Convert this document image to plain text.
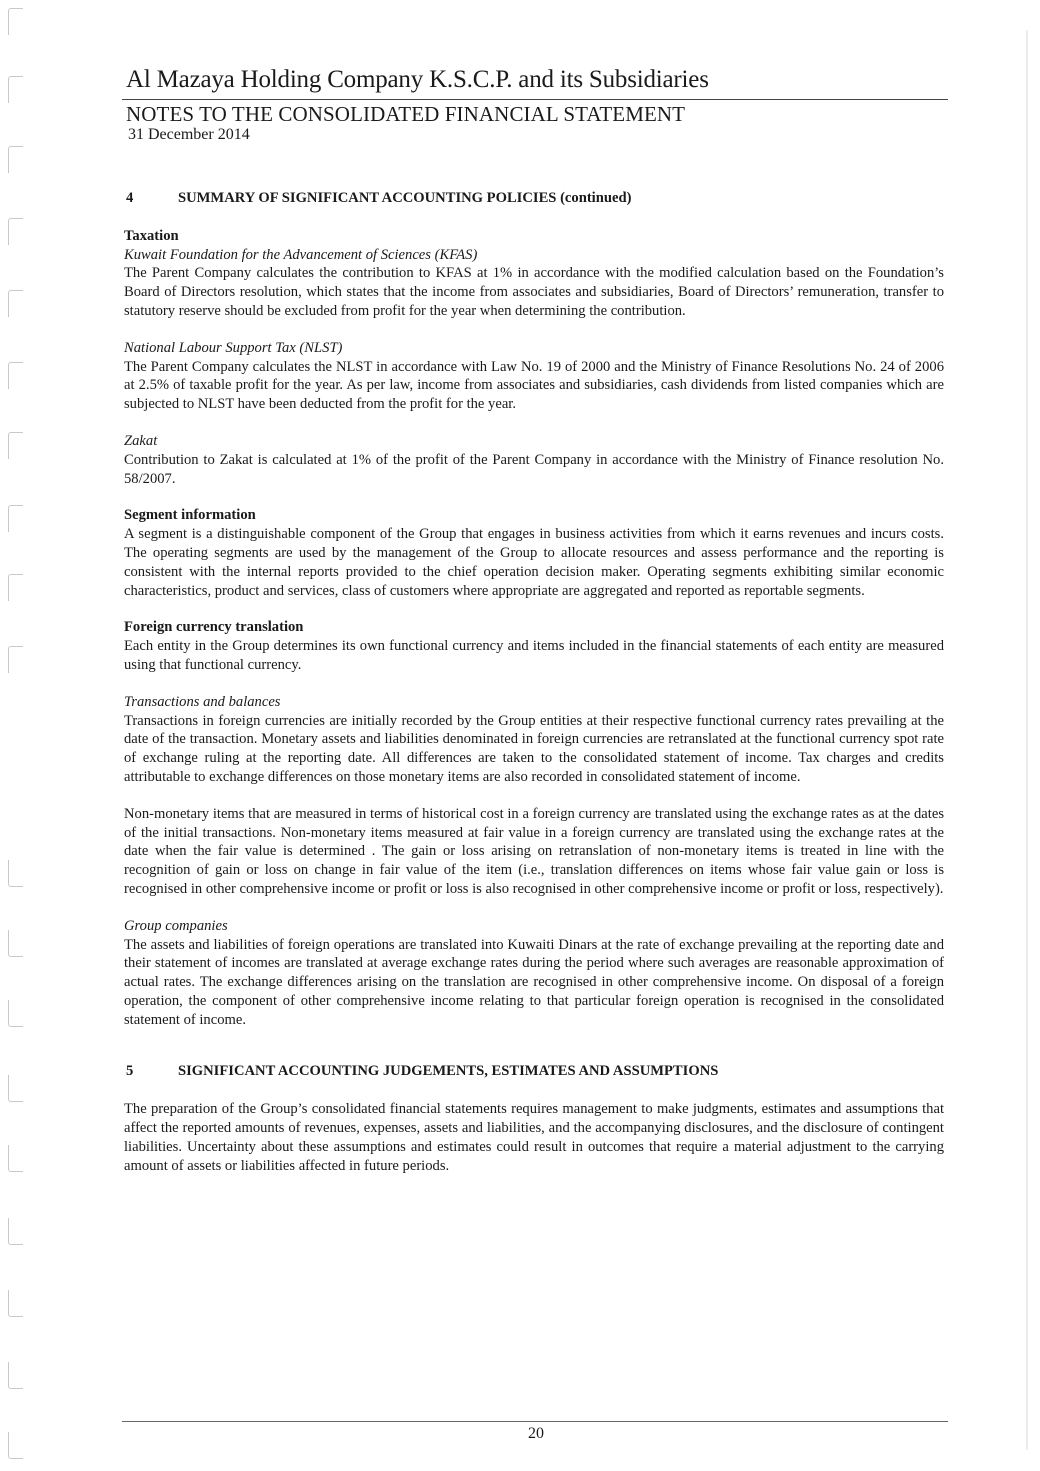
Al Mazaya Holding Company K.S.C.P. and its Subsidiaries
NOTES TO THE CONSOLIDATED FINANCIAL STATEMENT
31 December 2014
4	SUMMARY OF SIGNIFICANT ACCOUNTING POLICIES (continued)

Taxation

Kuwait Foundation for the Advancement of Sciences (KFAS)

The Parent Company calculates the contribution to KFAS at 1% in accordance with the modified calculation based on the Foundation’s Board of Directors resolution, which states that the income from associates and subsidiaries, Board of Directors’ remuneration, transfer to statutory reserve should be excluded from profit for the year when determining the contribution.

National Labour Support Tax (NLST)

The Parent Company calculates the NLST in accordance with Law No. 19 of 2000 and the Ministry of Finance Resolutions No. 24 of 2006 at 2.5% of taxable profit for the year. As per law, income from associates and subsidiaries, cash dividends from listed companies which are subjected to NLST have been deducted from the profit for the year.

Zakat

Contribution to Zakat is calculated at 1% of the profit of the Parent Company in accordance with the Ministry of Finance resolution No. 58/2007.

Segment information

A segment is a distinguishable component of the Group that engages in business activities from which it earns revenues and incurs costs. The operating segments are used by the management of the Group to allocate resources and assess performance and the reporting is consistent with the internal reports provided to the chief operation decision maker. Operating segments exhibiting similar economic characteristics, product and services, class of customers where appropriate are aggregated and reported as reportable segments.

Foreign currency translation

Each entity in the Group determines its own functional currency and items included in the financial statements of each entity are measured using that functional currency.

Transactions and balances

Transactions in foreign currencies are initially recorded by the Group entities at their respective functional currency rates prevailing at the date of the transaction. Monetary assets and liabilities denominated in foreign currencies are retranslated at the functional currency spot rate of exchange ruling at the reporting date. All differences are taken to the consolidated statement of income. Tax charges and credits attributable to exchange differences on those monetary items are also recorded in consolidated statement of income.

Non-monetary items that are measured in terms of historical cost in a foreign currency are translated using the exchange rates as at the dates of the initial transactions. Non-monetary items measured at fair value in a foreign currency are translated using the exchange rates at the date when the fair value is determined . The gain or loss arising on retranslation of non-monetary items is treated in line with the recognition of gain or loss on change in fair value of the item (i.e., translation differences on items whose fair value gain or loss is recognised in other comprehensive income or profit or loss is also recognised in other comprehensive income or profit or loss, respectively).

Group companies

The assets and liabilities of foreign operations are translated into Kuwaiti Dinars at the rate of exchange prevailing at the reporting date and their statement of incomes are translated at average exchange rates during the period where such averages are reasonable approximation of actual rates. The exchange differences arising on the translation are recognised in other comprehensive income. On disposal of a foreign operation, the component of other comprehensive income relating to that particular foreign operation is recognised in the consolidated statement of income.

5	SIGNIFICANT ACCOUNTING JUDGEMENTS, ESTIMATES AND ASSUMPTIONS

The preparation of the Group’s consolidated financial statements requires management to make judgments, estimates and assumptions that affect the reported amounts of revenues, expenses, assets and liabilities, and the accompanying disclosures, and the disclosure of contingent liabilities. Uncertainty about these assumptions and estimates could result in outcomes that require a material adjustment to the carrying amount of assets or liabilities affected in future periods.

20
